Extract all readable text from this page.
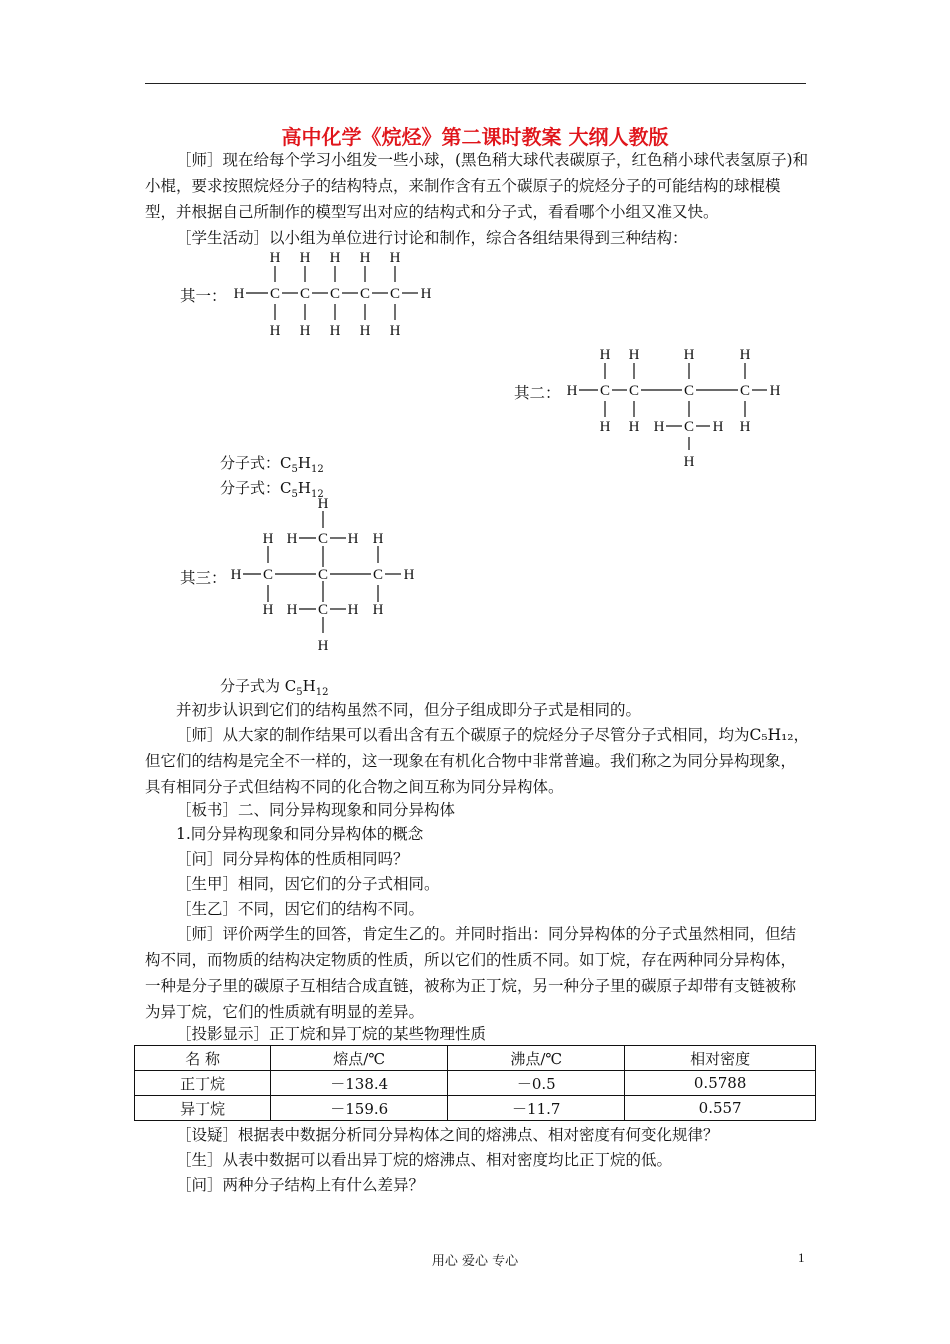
高中化学《烷烃》第二课时教案 大纲人教版

［师］现在给每个学习小组发一些小球，(黑色稍大球代表碳原子，红色稍小球代表氢原子)和小棍，要求按照烷烃分子的结构特点，来制作含有五个碳原子的烷烃分子的可能结构的球棍模型，并根据自己所制作的模型写出对应的结构式和分子式，看看哪个小组又准又快。

［学生活动］以小组为单位进行讨论和制作，综合各组结果得到三种结构：

其一：
H H H H H
H C C C C C H
H H H H H
其二：
H H	H	H
H C C	C	C H
H H H C H H
H
分子式：$C_5H_{12}$
分子式：$C_5H_{12}$
其三：
H
H H C H H
H C	C	C H
H H C H H
H
分子式为 $C_5H_{12}$

并初步认识到它们的结构虽然不同，但分子组成即分子式是相同的。

［师］从大家的制作结果可以看出含有五个碳原子的烷烃分子尽管分子式相同，均为C₅H₁₂，但它们的结构是完全不一样的，这一现象在有机化合物中非常普遍。我们称之为同分异构现象，具有相同分子式但结构不同的化合物之间互称为同分异构体。

［板书］二、同分异构现象和同分异构体

1.同分异构现象和同分异构体的概念

［问］同分异构体的性质相同吗？

［生甲］相同，因它们的分子式相同。

［生乙］不同，因它们的结构不同。

［师］评价两学生的回答，肯定生乙的。并同时指出：同分异构体的分子式虽然相同，但结构不同，而物质的结构决定物质的性质，所以它们的性质不同。如丁烷，存在两种同分异构体，一种是分子里的碳原子互相结合成直链，被称为正丁烷，另一种分子里的碳原子却带有支链被称为异丁烷，它们的性质就有明显的差异。

［投影显示］正丁烷和异丁烷的某些物理性质

名 称	熔点/℃	沸点/℃	相对密度
正丁烷	－138.4	－0.5	0.5788
异丁烷	－159.6	－11.7	0.557

［设疑］根据表中数据分析同分异构体之间的熔沸点、相对密度有何变化规律？

［生］从表中数据可以看出异丁烷的熔沸点、相对密度均比正丁烷的低。

［问］两种分子结构上有什么差异？

用心 爱心 专心	1
